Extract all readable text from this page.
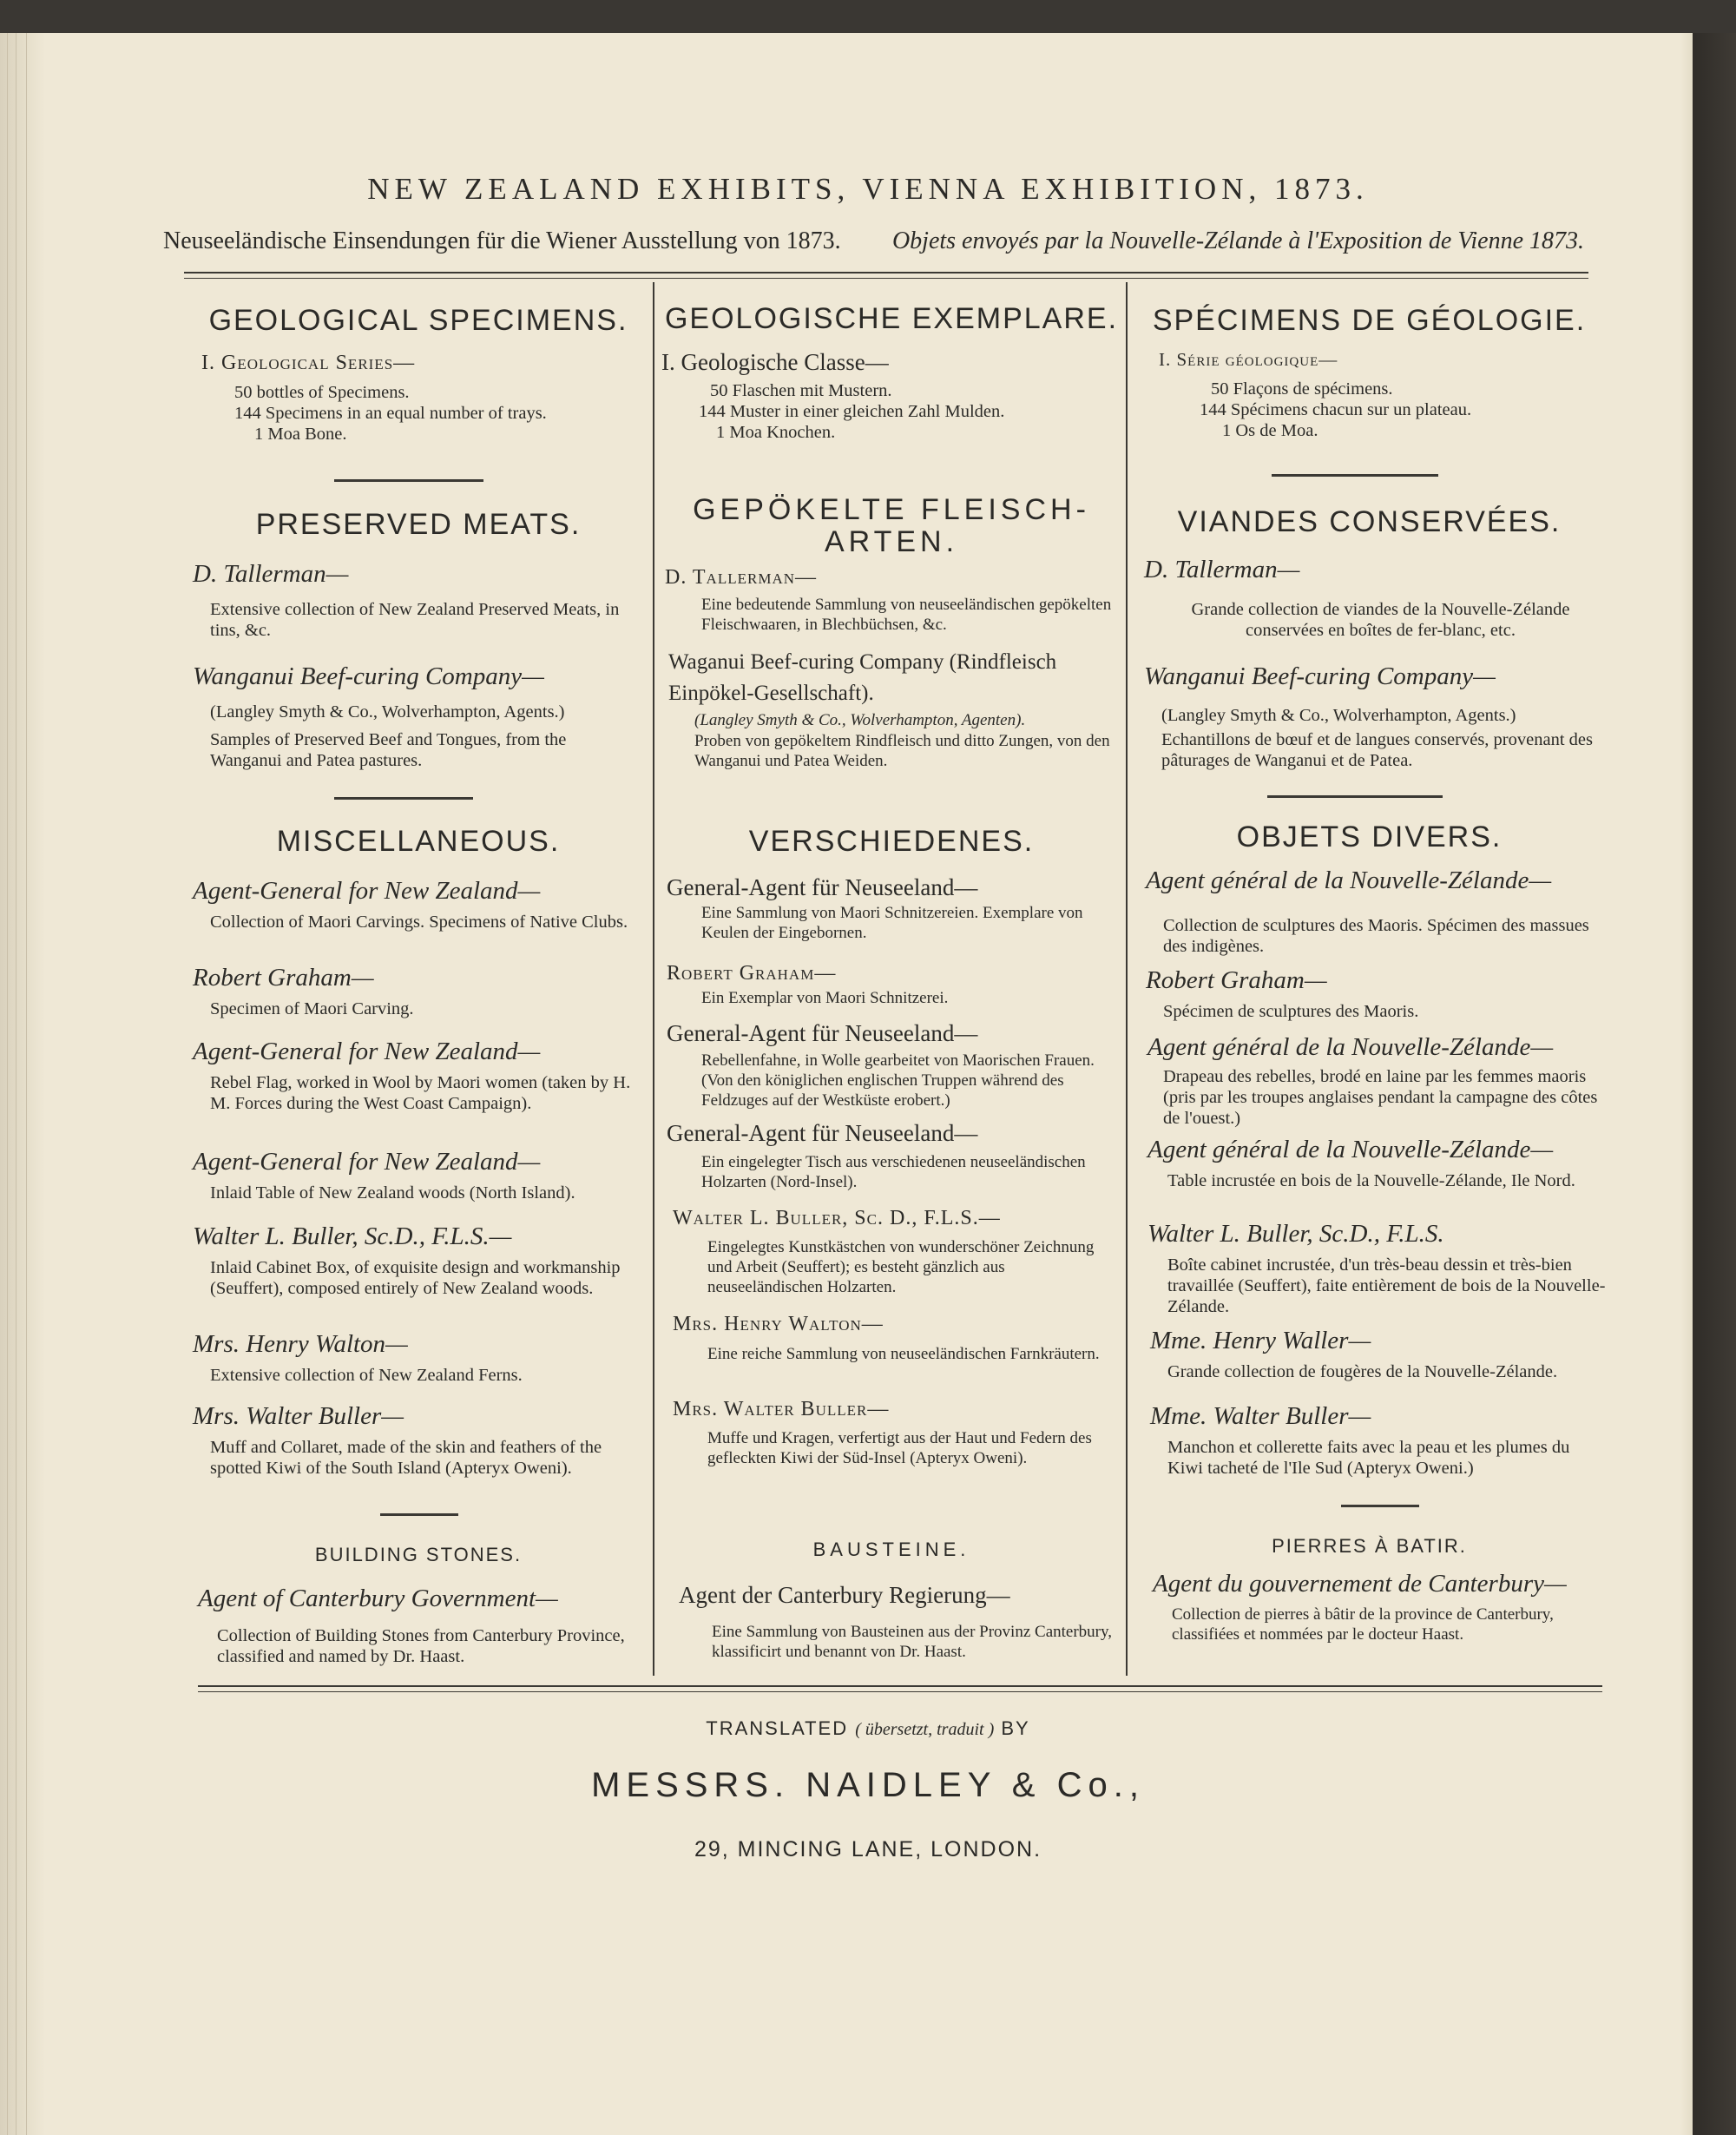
NEW ZEALAND EXHIBITS, VIENNA EXHIBITION, 1873.
Neuseeländische Einsendungen für die Wiener Ausstellung von 1873. Objets envoyés par la Nouvelle-Zélande à l'Exposition de Vienne 1873.
GEOLOGICAL SPECIMENS.
I. Geological Series—
50 bottles of Specimens.
144 Specimens in an equal number of trays.
1 Moa Bone.
PRESERVED MEATS.
D. Tallerman—
Extensive collection of New Zealand Preserved Meats, in tins, &c.
Wanganui Beef-curing Company—
(Langley Smyth & Co., Wolverhampton, Agents.)
Samples of Preserved Beef and Tongues, from the Wanganui and Patea pastures.
MISCELLANEOUS.
Agent-General for New Zealand—
Collection of Maori Carvings. Specimens of Native Clubs.
Robert Graham—
Specimen of Maori Carving.
Agent-General for New Zealand—
Rebel Flag, worked in Wool by Maori women (taken by H. M. Forces during the West Coast Campaign).
Agent-General for New Zealand—
Inlaid Table of New Zealand woods (North Island).
Walter L. Buller, Sc.D., F.L.S.—
Inlaid Cabinet Box, of exquisite design and workmanship (Seuffert), composed entirely of New Zealand woods.
Mrs. Henry Walton—
Extensive collection of New Zealand Ferns.
Mrs. Walter Buller—
Muff and Collaret, made of the skin and feathers of the spotted Kiwi of the South Island (Apteryx Oweni).
BUILDING STONES.
Agent of Canterbury Government—
Collection of Building Stones from Canterbury Province, classified and named by Dr. Haast.
GEOLOGISCHE EXEMPLARE.
I. Geologische Classe—
50 Flaschen mit Mustern.
144 Muster in einer gleichen Zahl Mulden.
1 Moa Knochen.
GEPÖKELTE FLEISCH-
ARTEN.
D. Tallerman—
Eine bedeutende Sammlung von neuseeländischen gepökelten Fleischwaaren, in Blechbüchsen, &c.
Waganui Beef-curing Company (Rindfleisch Einpökel-Gesellschaft).
(Langley Smyth & Co., Wolverhampton, Agenten).
Proben von gepökeltem Rindfleisch und ditto Zungen, von den Wanganui und Patea Weiden.
VERSCHIEDENES.
General-Agent für Neuseeland—
Eine Sammlung von Maori Schnitzereien. Exemplare von Keulen der Eingebornen.
Robert Graham—
Ein Exemplar von Maori Schnitzerei.
General-Agent für Neuseeland—
Rebellenfahne, in Wolle gearbeitet von Maorischen Frauen. (Von den königlichen englischen Truppen während des Feldzuges auf der Westküste erobert.)
General-Agent für Neuseeland—
Ein eingelegter Tisch aus verschiedenen neuseeländischen Holzarten (Nord-Insel).
Walter L. Buller, Sc. D., F.L.S.—
Eingelegtes Kunstkästchen von wunderschöner Zeichnung und Arbeit (Seuffert); es besteht gänzlich aus neuseeländischen Holzarten.
Mrs. Henry Walton—
Eine reiche Sammlung von neuseeländischen Farnkräutern.
Mrs. Walter Buller—
Muffe und Kragen, verfertigt aus der Haut und Federn des gefleckten Kiwi der Süd-Insel (Apteryx Oweni).
BAUSTEINE.
Agent der Canterbury Regierung—
Eine Sammlung von Bausteinen aus der Provinz Canterbury, klassificirt und benannt von Dr. Haast.
SPÉCIMENS DE GÉOLOGIE.
I. Série géologique—
50 Flaçons de spécimens.
144 Spécimens chacun sur un plateau.
1 Os de Moa.
VIANDES CONSERVÉES.
D. Tallerman—
Grande collection de viandes de la Nouvelle-Zélande conservées en boîtes de fer-blanc, etc.
Wanganui Beef-curing Company—
(Langley Smyth & Co., Wolverhampton, Agents.)
Echantillons de bœuf et de langues conservés, provenant des pâturages de Wanganui et de Patea.
OBJETS DIVERS.
Agent général de la Nouvelle-Zélande—
Collection de sculptures des Maoris. Spécimen des massues des indigènes.
Robert Graham—
Spécimen de sculptures des Maoris.
Agent général de la Nouvelle-Zélande—
Drapeau des rebelles, brodé en laine par les femmes maoris (pris par les troupes anglaises pendant la campagne des côtes de l'ouest.)
Agent général de la Nouvelle-Zélande—
Table incrustée en bois de la Nouvelle-Zélande, Ile Nord.
Walter L. Buller, Sc.D., F.L.S.
Boîte cabinet incrustée, d'un très-beau dessin et très-bien travaillée (Seuffert), faite entièrement de bois de la Nouvelle-Zélande.
Mme. Henry Waller—
Grande collection de fougères de la Nouvelle-Zélande.
Mme. Walter Buller—
Manchon et collerette faits avec la peau et les plumes du Kiwi tacheté de l'Ile Sud (Apteryx Oweni.)
PIERRES À BATIR.
Agent du gouvernement de Canterbury—
Collection de pierres à bâtir de la province de Canterbury, classifiées et nommées par le docteur Haast.
TRANSLATED ( übersetzt, traduit ) BY
MESSRS. NAIDLEY & Co.,
29, MINCING LANE, LONDON.
